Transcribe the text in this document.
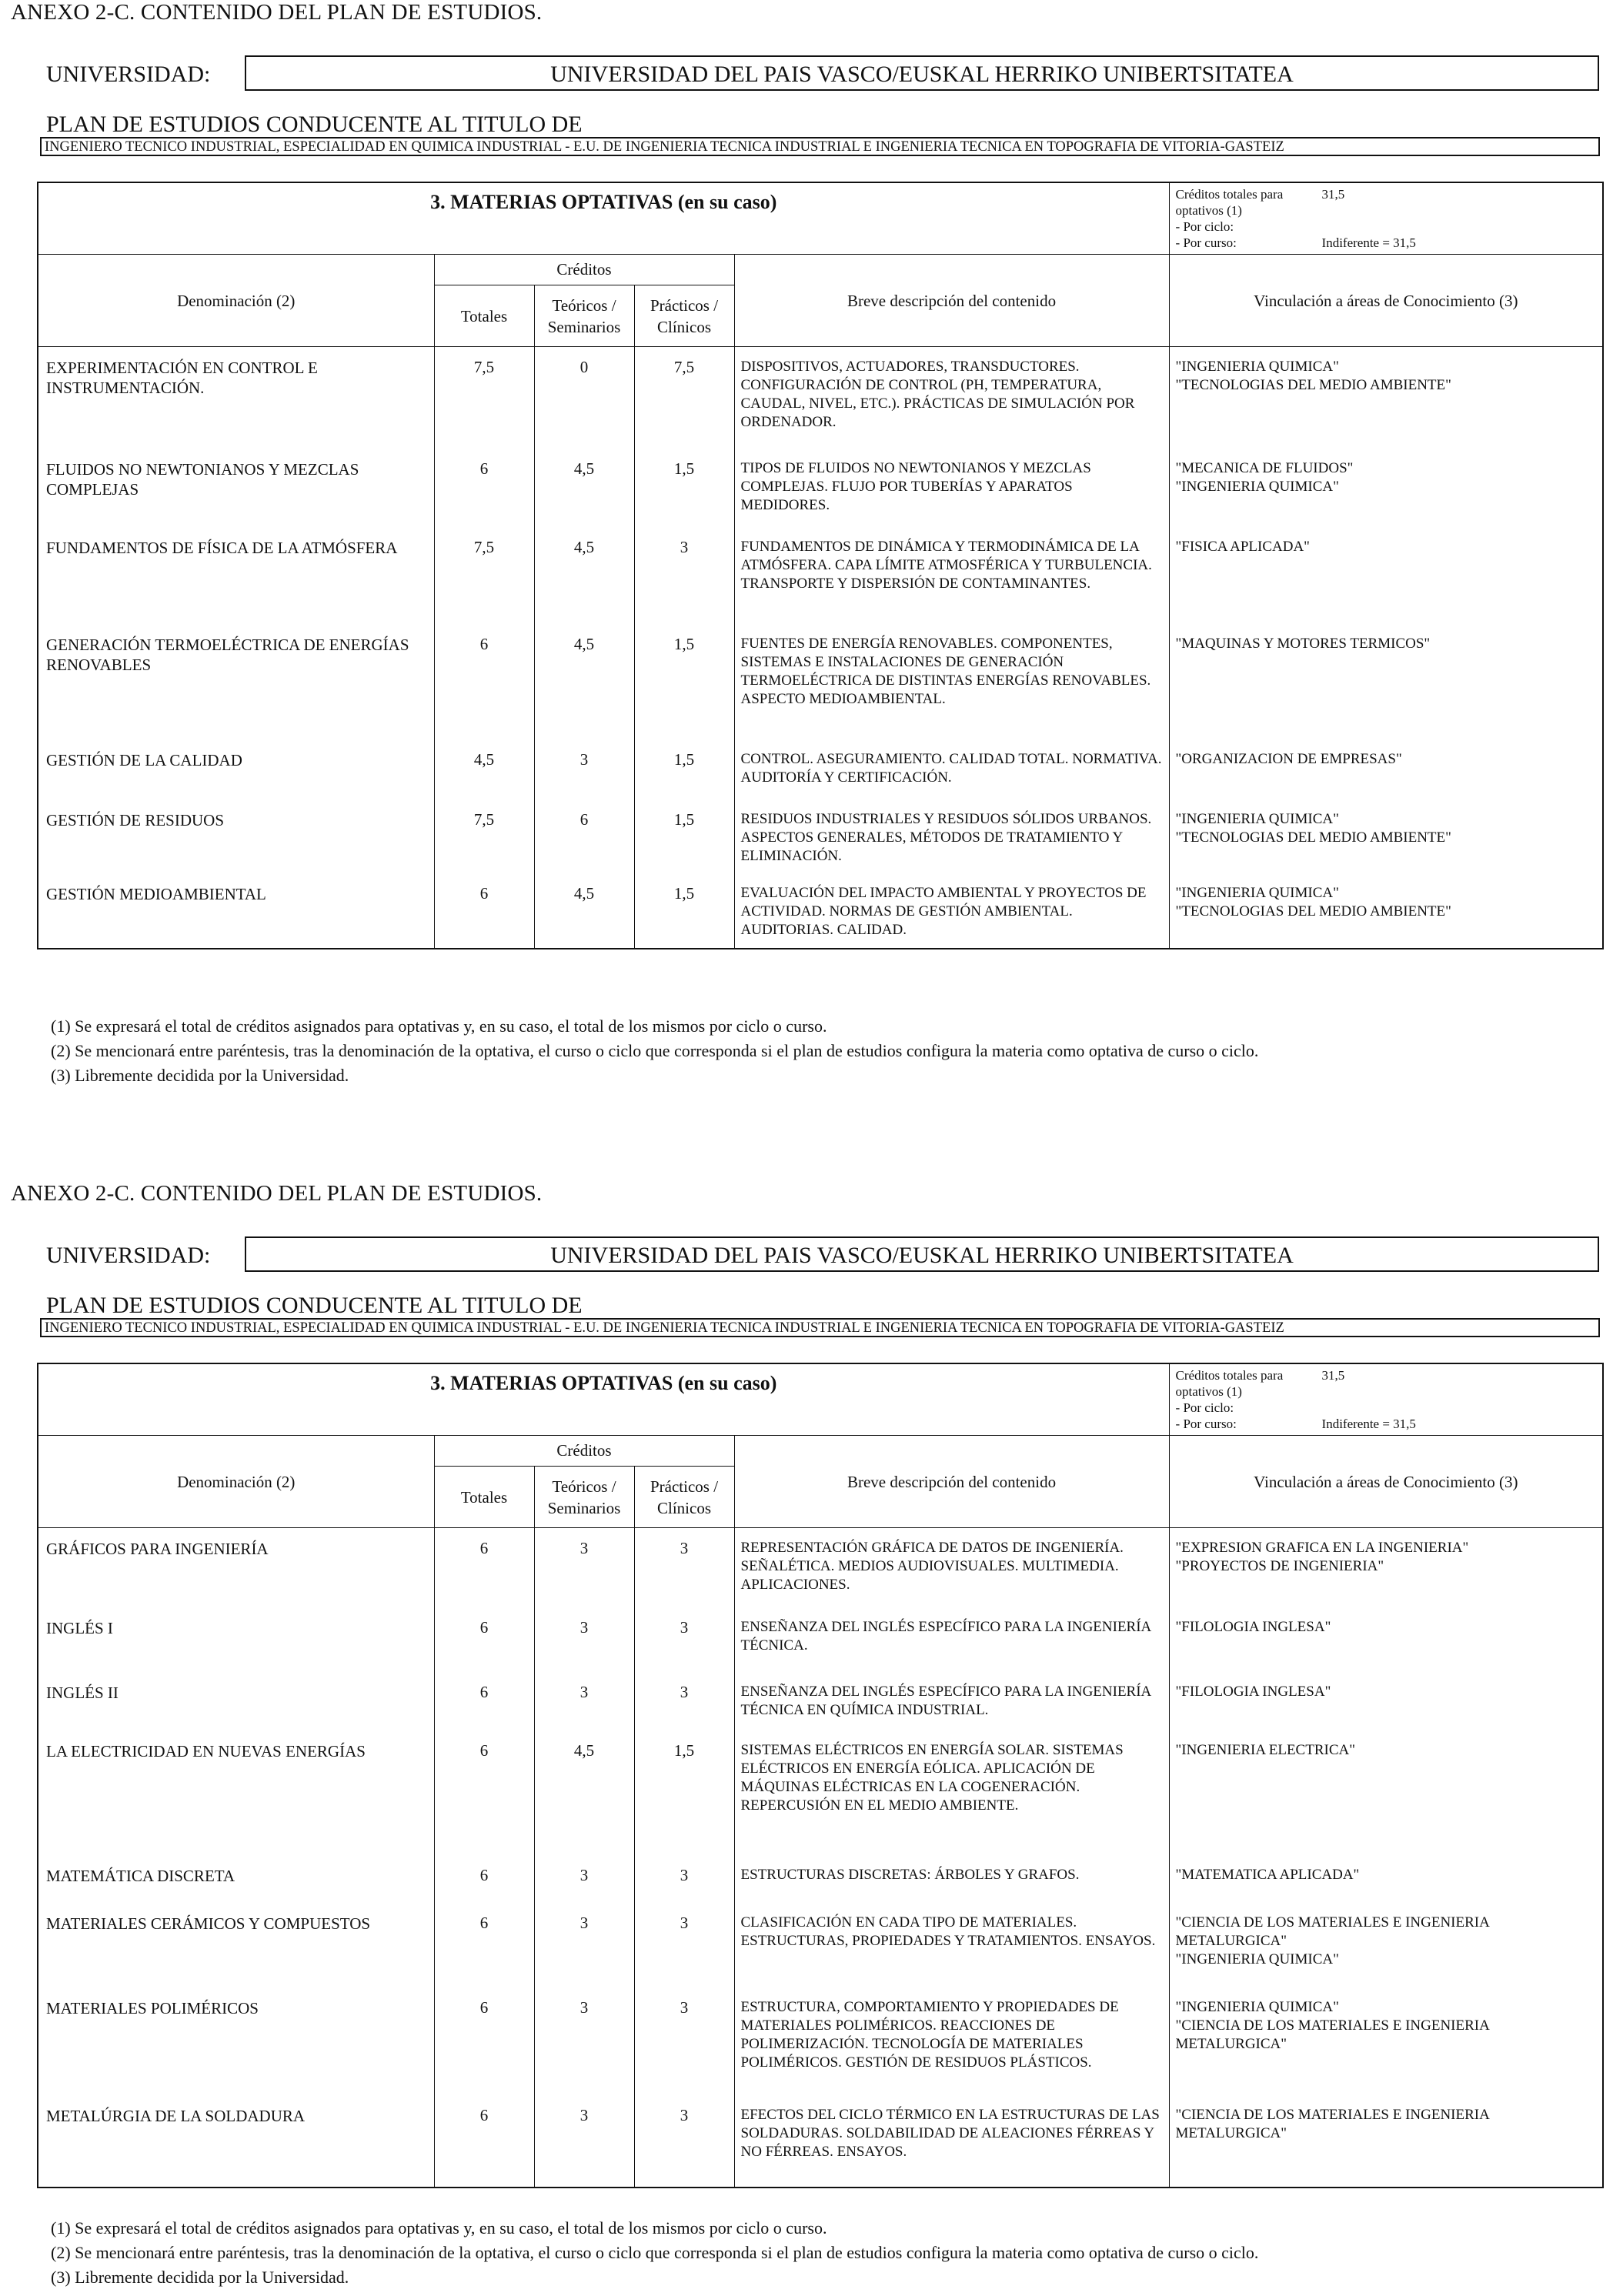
ANEXO 2-C. CONTENIDO DEL PLAN DE ESTUDIOS.
UNIVERSIDAD:	UNIVERSIDAD DEL PAIS VASCO/EUSKAL HERRIKO UNIBERTSITATEA
PLAN DE ESTUDIOS CONDUCENTE AL TITULO DE
INGENIERO TECNICO INDUSTRIAL, ESPECIALIDAD EN QUIMICA INDUSTRIAL - E.U. DE INGENIERIA TECNICA INDUSTRIAL E INGENIERIA TECNICA EN TOPOGRAFIA DE VITORIA-GASTEIZ
3. MATERIAS OPTATIVAS (en su caso)					Créditos totales para optativos (1)
31,5
- Por ciclo:
- Por curso: Indiferente = 31,5

Denominación (2)	Créditos			Breve descripción del contenido	Vinculación a áreas de Conocimiento (3)
	Totales	Teóricos / Seminarios	Prácticos / Clínicos		
EXPERIMENTACIÓN EN CONTROL E INSTRUMENTACIÓN.	7,5	0	7,5	DISPOSITIVOS, ACTUADORES, TRANSDUCTORES. CONFIGURACIÓN DE CONTROL (PH, TEMPERATURA, CAUDAL, NIVEL, ETC.). PRÁCTICAS DE SIMULACIÓN POR ORDENADOR.	"INGENIERIA QUIMICA"
"TECNOLOGIAS DEL MEDIO AMBIENTE"
FLUIDOS NO NEWTONIANOS Y MEZCLAS COMPLEJAS	6	4,5	1,5	TIPOS DE FLUIDOS NO NEWTONIANOS Y MEZCLAS COMPLEJAS. FLUJO POR TUBERÍAS Y APARATOS MEDIDORES.	"MECANICA DE FLUIDOS"
"INGENIERIA QUIMICA"
FUNDAMENTOS DE FÍSICA DE LA ATMÓSFERA	7,5	4,5	3	FUNDAMENTOS DE DINÁMICA Y TERMODINÁMICA DE LA ATMÓSFERA. CAPA LÍMITE ATMOSFÉRICA Y TURBULENCIA. TRANSPORTE Y DISPERSIÓN DE CONTAMINANTES.	"FISICA APLICADA"
GENERACIÓN TERMOELÉCTRICA DE ENERGÍAS RENOVABLES	6	4,5	1,5	FUENTES DE ENERGÍA RENOVABLES. COMPONENTES, SISTEMAS E INSTALACIONES DE GENERACIÓN TERMOELÉCTRICA DE DISTINTAS ENERGÍAS RENOVABLES. ASPECTO MEDIOAMBIENTAL.	"MAQUINAS Y MOTORES TERMICOS"
GESTIÓN DE LA CALIDAD	4,5	3	1,5	CONTROL. ASEGURAMIENTO. CALIDAD TOTAL. NORMATIVA. AUDITORÍA Y CERTIFICACIÓN.	"ORGANIZACION DE EMPRESAS"
GESTIÓN DE RESIDUOS	7,5	6	1,5	RESIDUOS INDUSTRIALES Y RESIDUOS SÓLIDOS URBANOS. ASPECTOS GENERALES, MÉTODOS DE TRATAMIENTO Y ELIMINACIÓN.	"INGENIERIA QUIMICA"
"TECNOLOGIAS DEL MEDIO AMBIENTE"
GESTIÓN MEDIOAMBIENTAL	6	4,5	1,5	EVALUACIÓN DEL IMPACTO AMBIENTAL Y PROYECTOS DE ACTIVIDAD. NORMAS DE GESTIÓN AMBIENTAL. AUDITORIAS. CALIDAD.	"INGENIERIA QUIMICA"
"TECNOLOGIAS DEL MEDIO AMBIENTE"

(1) Se expresará el total de créditos asignados para optativas y, en su caso, el total de los mismos por ciclo o curso.
(2) Se mencionará entre paréntesis, tras la denominación de la optativa, el curso o ciclo que corresponda si el plan de estudios configura la materia como optativa de curso o ciclo.
(3) Libremente decidida por la Universidad.
ANEXO 2-C. CONTENIDO DEL PLAN DE ESTUDIOS.
UNIVERSIDAD:	UNIVERSIDAD DEL PAIS VASCO/EUSKAL HERRIKO UNIBERTSITATEA
PLAN DE ESTUDIOS CONDUCENTE AL TITULO DE
INGENIERO TECNICO INDUSTRIAL, ESPECIALIDAD EN QUIMICA INDUSTRIAL - E.U. DE INGENIERIA TECNICA INDUSTRIAL E INGENIERIA TECNICA EN TOPOGRAFIA DE VITORIA-GASTEIZ
3. MATERIAS OPTATIVAS (en su caso)					Créditos totales para optativos (1)
31,5
- Por ciclo:
- Por curso: Indiferente = 31,5

Denominación (2)	Créditos			Breve descripción del contenido	Vinculación a áreas de Conocimiento (3)
	Totales	Teóricos / Seminarios	Prácticos / Clínicos		
GRÁFICOS PARA INGENIERÍA	6	3	3	REPRESENTACIÓN GRÁFICA DE DATOS DE INGENIERÍA. SEÑALÉTICA. MEDIOS AUDIOVISUALES. MULTIMEDIA. APLICACIONES.	"EXPRESION GRAFICA EN LA INGENIERIA"
"PROYECTOS DE INGENIERIA"
INGLÉS I	6	3	3	ENSEÑANZA DEL INGLÉS ESPECÍFICO PARA LA INGENIERÍA TÉCNICA.	"FILOLOGIA INGLESA"
INGLÉS II	6	3	3	ENSEÑANZA DEL INGLÉS ESPECÍFICO PARA LA INGENIERÍA TÉCNICA EN QUÍMICA INDUSTRIAL.	"FILOLOGIA INGLESA"
LA ELECTRICIDAD EN NUEVAS ENERGÍAS	6	4,5	1,5	SISTEMAS ELÉCTRICOS EN ENERGÍA SOLAR. SISTEMAS ELÉCTRICOS EN ENERGÍA EÓLICA. APLICACIÓN DE MÁQUINAS ELÉCTRICAS EN LA COGENERACIÓN. REPERCUSIÓN EN EL MEDIO AMBIENTE.	"INGENIERIA ELECTRICA"
MATEMÁTICA DISCRETA	6	3	3	ESTRUCTURAS DISCRETAS: ÁRBOLES Y GRAFOS.	"MATEMATICA APLICADA"
MATERIALES CERÁMICOS Y COMPUESTOS	6	3	3	CLASIFICACIÓN EN CADA TIPO DE MATERIALES. ESTRUCTURAS, PROPIEDADES Y TRATAMIENTOS. ENSAYOS.	"CIENCIA DE LOS MATERIALES E INGENIERIA METALURGICA"
"INGENIERIA QUIMICA"
MATERIALES POLIMÉRICOS	6	3	3	ESTRUCTURA, COMPORTAMIENTO Y PROPIEDADES DE MATERIALES POLIMÉRICOS. REACCIONES DE POLIMERIZACIÓN. TECNOLOGÍA DE MATERIALES POLIMÉRICOS. GESTIÓN DE RESIDUOS PLÁSTICOS.	"INGENIERIA QUIMICA"
"CIENCIA DE LOS MATERIALES E INGENIERIA METALURGICA"
METALÚRGIA DE LA SOLDADURA	6	3	3	EFECTOS DEL CICLO TÉRMICO EN LA ESTRUCTURAS DE LAS SOLDADURAS. SOLDABILIDAD DE ALEACIONES FÉRREAS Y NO FÉRREAS. ENSAYOS.	"CIENCIA DE LOS MATERIALES E INGENIERIA METALURGICA"

(1) Se expresará el total de créditos asignados para optativas y, en su caso, el total de los mismos por ciclo o curso.
(2) Se mencionará entre paréntesis, tras la denominación de la optativa, el curso o ciclo que corresponda si el plan de estudios configura la materia como optativa de curso o ciclo.
(3) Libremente decidida por la Universidad.
